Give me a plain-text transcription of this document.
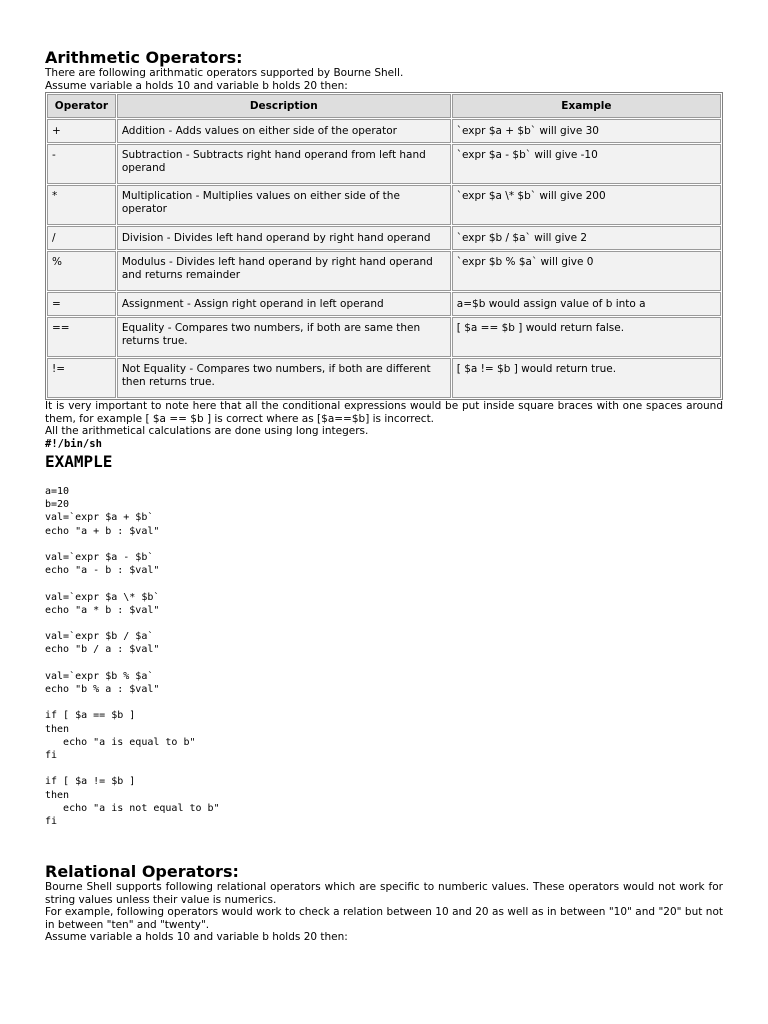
Arithmetic Operators:

There are following arithmatic operators supported by Bourne Shell.

Assume variable a holds 10 and variable b holds 20 then:

Operator	Description	Example
+	Addition - Adds values on either side of the operator	`expr $a + $b` will give 30
-	Subtraction - Subtracts right hand operand from left hand operand	`expr $a - $b` will give -10
*	Multiplication - Multiplies values on either side of the operator	`expr $a \* $b` will give 200
/	Division - Divides left hand operand by right hand operand	`expr $b / $a` will give 2
%	Modulus - Divides left hand operand by right hand operand and returns remainder	`expr $b % $a` will give 0
=	Assignment - Assign right operand in left operand	a=$b would assign value of b into a
==	Equality - Compares two numbers, if both are same then returns true.	[ $a == $b ] would return false.
!=	Not Equality - Compares two numbers, if both are different then returns true.	[ $a != $b ] would return true.

It is very important to note here that all the conditional expressions would be put inside square braces with one spaces around them, for example [ $a == $b ] is correct where as [$a==$b] is incorrect.

All the arithmetical calculations are done using long integers.

#!/bin/sh

EXAMPLE
a=10
b=20
val=`expr $a + $b`
echo "a + b : $val"

val=`expr $a - $b`
echo "a - b : $val"

val=`expr $a \* $b`
echo "a * b : $val"

val=`expr $b / $a`
echo "b / a : $val"

val=`expr $b % $a`
echo "b % a : $val"

if [ $a == $b ]
then
echo "a is equal to b"
fi

if [ $a != $b ]
then
echo "a is not equal to b"
fi
Relational Operators:

Bourne Shell supports following relational operators which are specific to numberic values. These operators would not work for string values unless their value is numerics.

For example, following operators would work to check a relation between 10 and 20 as well as in between "10" and "20" but not in between "ten" and "twenty".

Assume variable a holds 10 and variable b holds 20 then:
